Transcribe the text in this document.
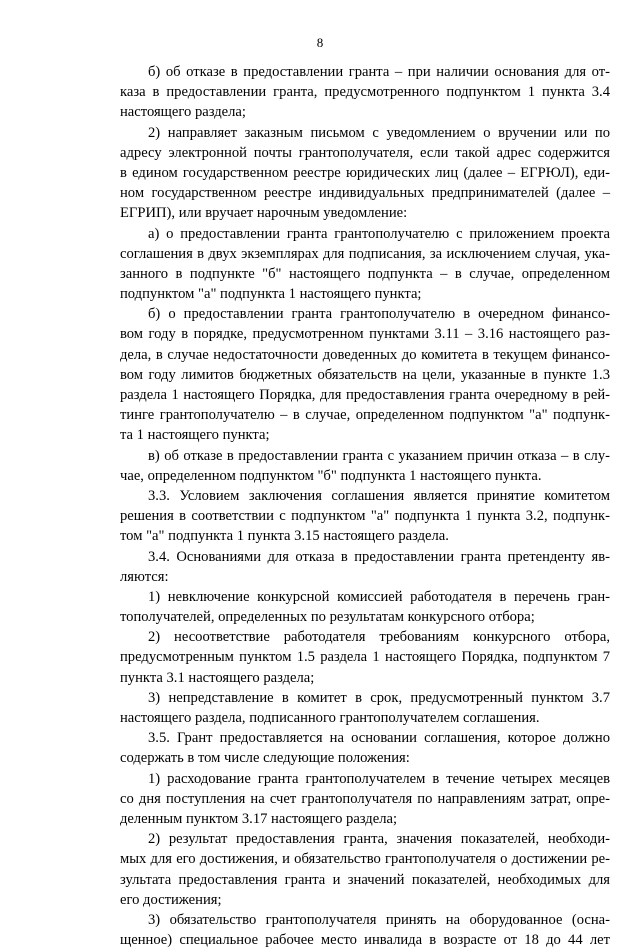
8
б) об отказе в предоставлении гранта – при наличии основания для от-
каза в предоставлении гранта, предусмотренного подпунктом 1 пункта 3.4
настоящего раздела;
2) направляет заказным письмом с уведомлением о вручении или по
адресу электронной почты грантополучателя, если такой адрес содержится
в едином государственном реестре юридических лиц (далее – ЕГРЮЛ), еди-
ном государственном реестре индивидуальных предпринимателей (далее –
ЕГРИП), или вручает нарочным уведомление:
а) о предоставлении гранта грантополучателю с приложением проекта
соглашения в двух экземплярах для подписания, за исключением случая, ука-
занного в подпункте "б" настоящего подпункта – в случае, определенном
подпунктом "а" подпункта 1 настоящего пункта;
б) о предоставлении гранта грантополучателю в очередном финансо-
вом году в порядке, предусмотренном пунктами 3.11 – 3.16 настоящего раз-
дела, в случае недостаточности доведенных до комитета в текущем финансо-
вом году лимитов бюджетных обязательств на цели, указанные в пункте 1.3
раздела 1 настоящего Порядка, для предоставления гранта очередному в рей-
тинге грантополучателю – в случае, определенном подпунктом "а" подпунк-
та 1 настоящего пункта;
в) об отказе в предоставлении гранта с указанием причин отказа – в слу-
чае, определенном подпунктом "б" подпункта 1 настоящего пункта.
3.3. Условием заключения соглашения является принятие комитетом
решения в соответствии с подпунктом "а" подпункта 1 пункта 3.2, подпунк-
том "а" подпункта 1 пункта 3.15 настоящего раздела.
3.4. Основаниями для отказа в предоставлении гранта претенденту яв-
ляются:
1) невключение конкурсной комиссией работодателя в перечень гран-
тополучателей, определенных по результатам конкурсного отбора;
2) несоответствие работодателя требованиям конкурсного отбора,
предусмотренным пунктом 1.5 раздела 1 настоящего Порядка, подпунктом 7
пункта 3.1 настоящего раздела;
3) непредставление в комитет в срок, предусмотренный пунктом 3.7
настоящего раздела, подписанного грантополучателем соглашения.
3.5. Грант предоставляется на основании соглашения, которое должно
содержать в том числе следующие положения:
1) расходование гранта грантополучателем в течение четырех месяцев
со дня поступления на счет грантополучателя по направлениям затрат, опре-
деленным пунктом 3.17 настоящего раздела;
2) результат предоставления гранта, значения показателей, необходи-
мых для его достижения, и обязательство грантополучателя о достижении ре-
зультата предоставления гранта и значений показателей, необходимых для
его достижения;
3) обязательство грантополучателя принять на оборудованное (осна-
щенное) специальное рабочее место инвалида в возрасте от 18 до 44 лет
